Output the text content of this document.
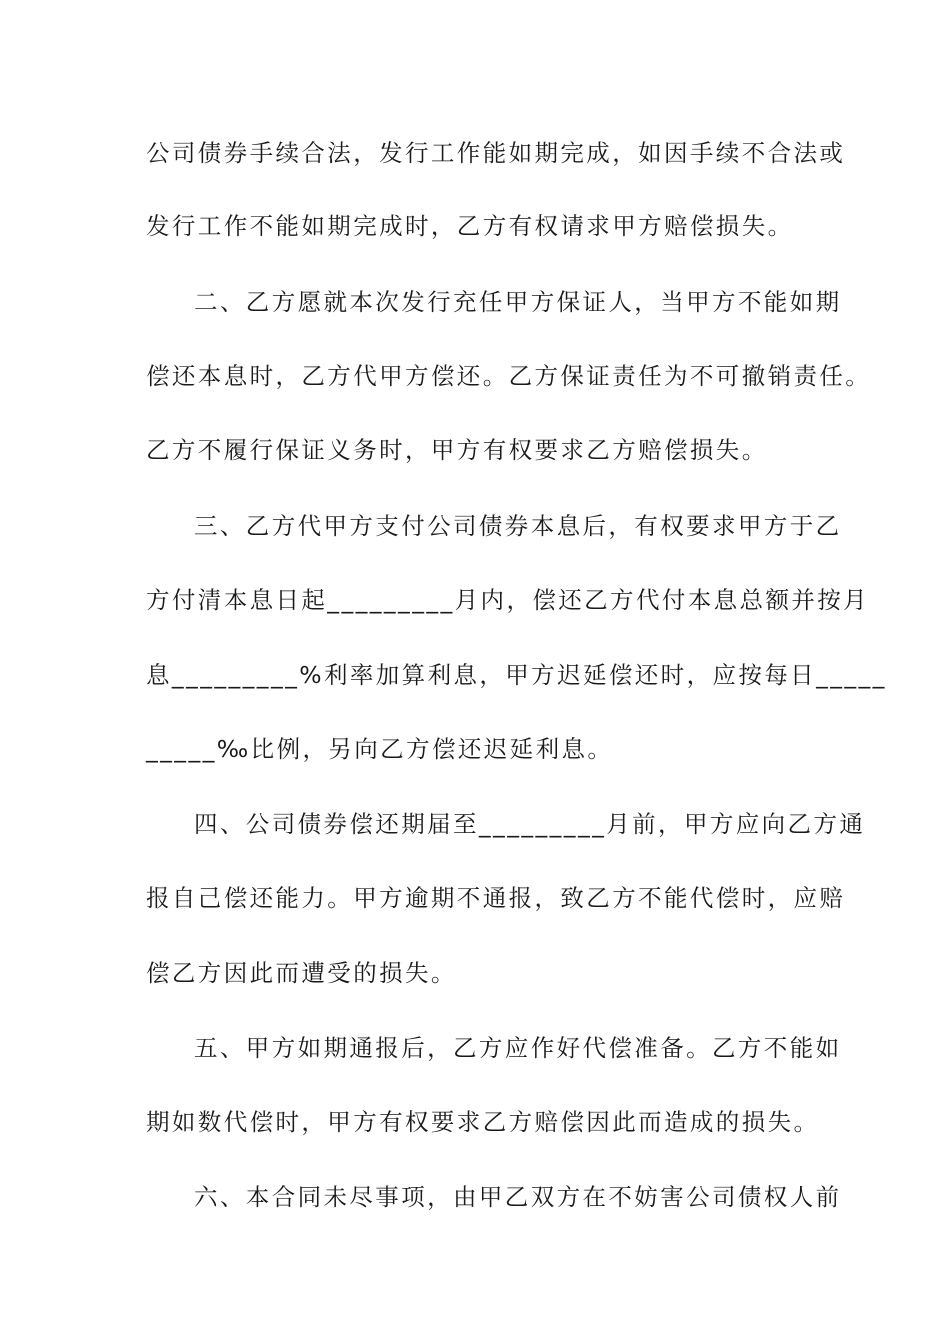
公司债券手续合法，发行工作能如期完成，如因手续不合法或
发行工作不能如期完成时，乙方有权请求甲方赔偿损失。
二、乙方愿就本次发行充任甲方保证人，当甲方不能如期
偿还本息时，乙方代甲方偿还。乙方保证责任为不可撤销责任。
乙方不履行保证义务时，甲方有权要求乙方赔偿损失。
三、乙方代甲方支付公司债券本息后，有权要求甲方于乙
方付清本息日起_________月内，偿还乙方代付本息总额并按月
息_________%利率加算利息，甲方迟延偿还时，应按每日_____
_____‰比例，另向乙方偿还迟延利息。
四、公司债券偿还期届至_________月前，甲方应向乙方通
报自己偿还能力。甲方逾期不通报，致乙方不能代偿时，应赔
偿乙方因此而遭受的损失。
五、甲方如期通报后，乙方应作好代偿准备。乙方不能如
期如数代偿时，甲方有权要求乙方赔偿因此而造成的损失。
六、本合同未尽事项，由甲乙双方在不妨害公司债权人前
